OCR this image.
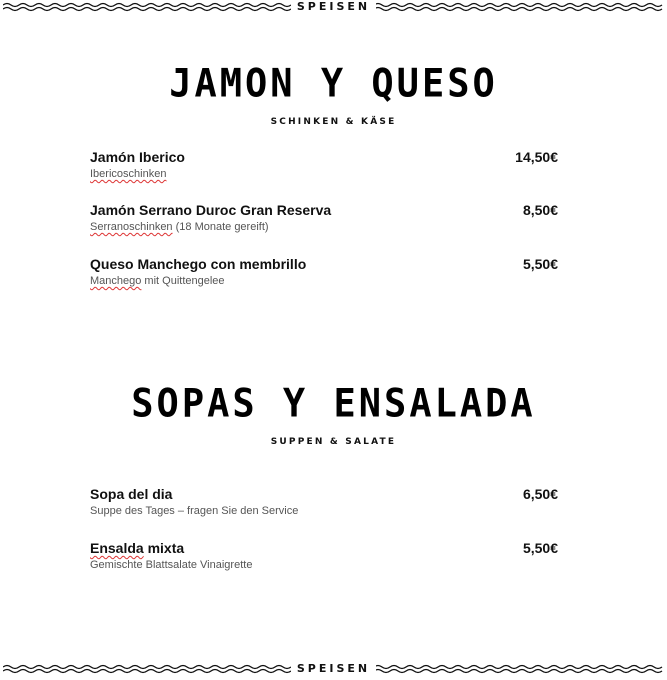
SPEISEN
JAMON Y QUESO
SCHINKEN & KÄSE
Jamón Iberico
Ibericoschinken
14,50€
Jamón Serrano Duroc Gran Reserva
Serranoschinken (18 Monate gereift)
8,50€
Queso Manchego con membrillo
Manchego mit Quittengelee
5,50€
SOPAS Y ENSALADA
SUPPEN & SALATE
Sopa del dia
Suppe des Tages – fragen Sie den Service
6,50€
Ensalda mixta
Gemischte Blattsalate Vinaigrette
5,50€
SPEISEN
